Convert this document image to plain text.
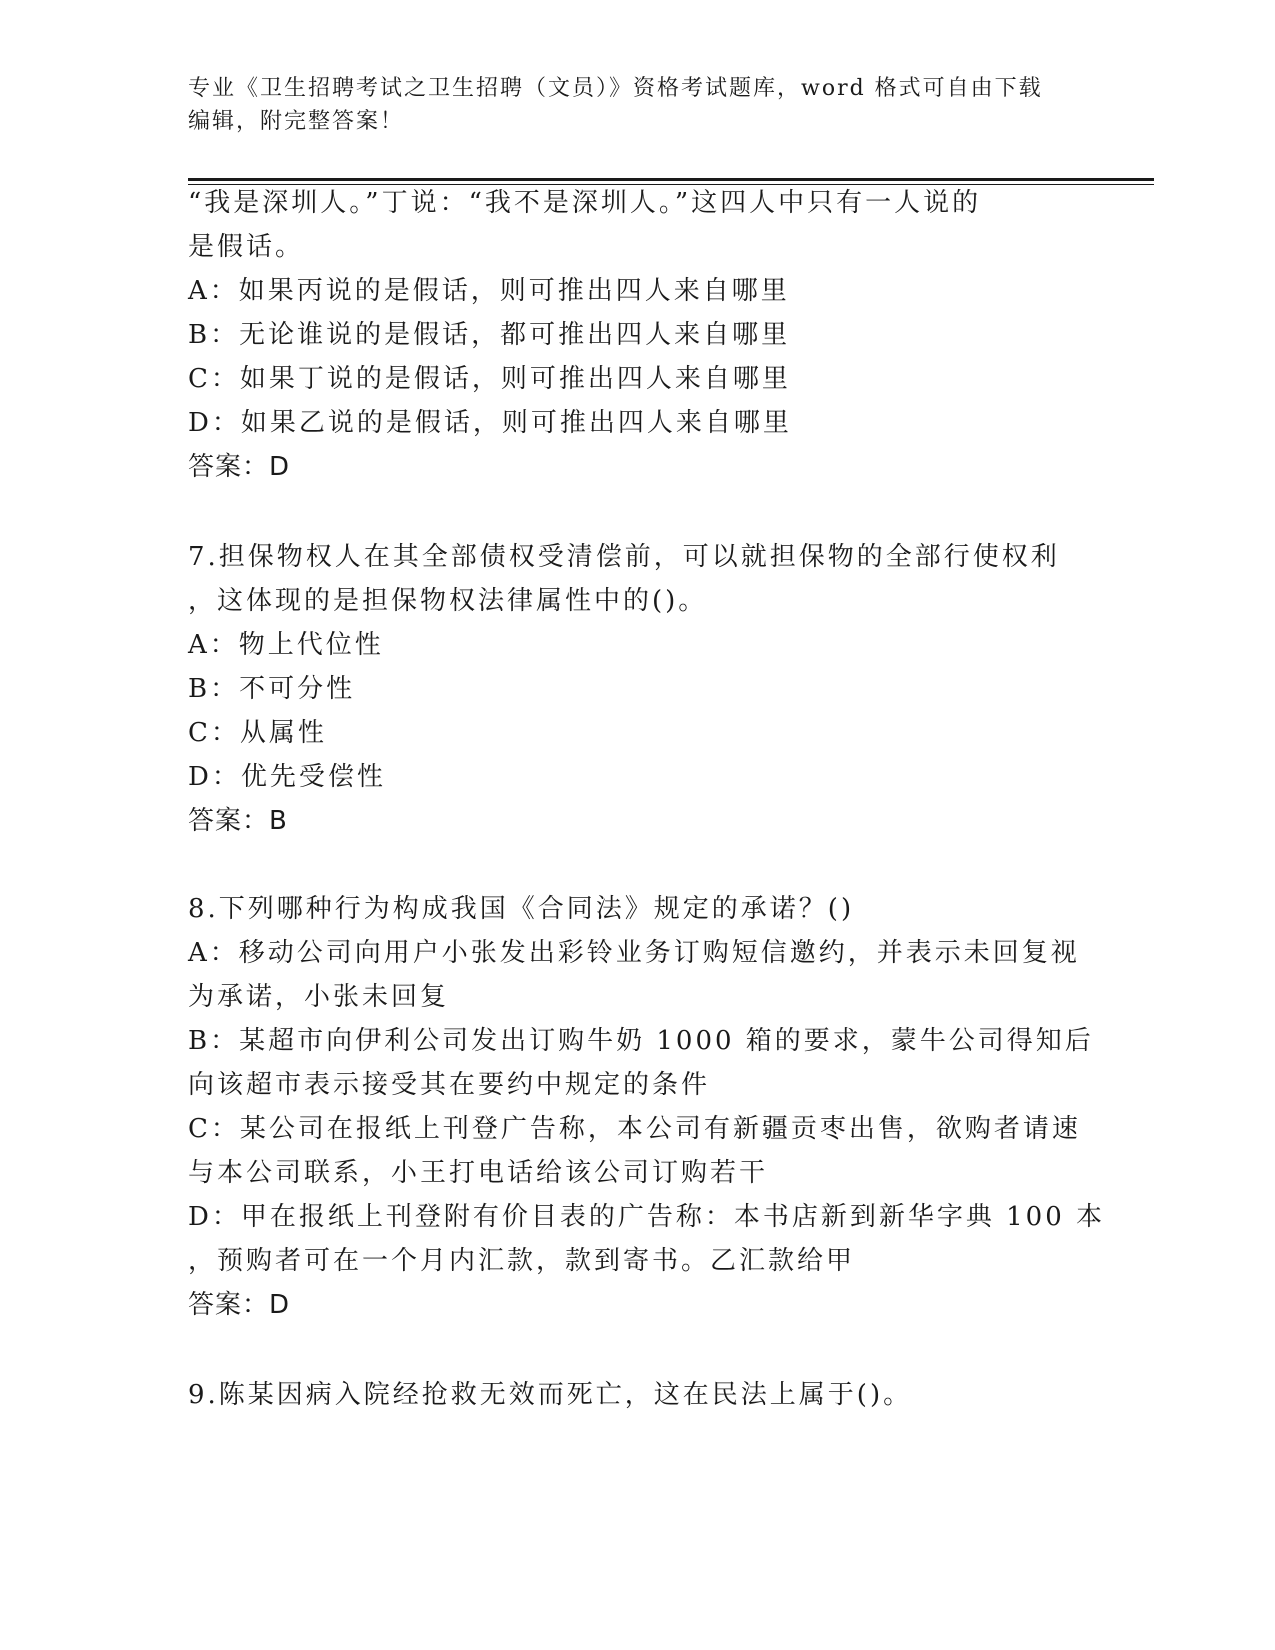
专业《卫生招聘考试之卫生招聘（文员）》资格考试题库，word 格式可自由下载
编辑，附完整答案！
“我是深圳人。”丁说：“我不是深圳人。”这四人中只有一人说的
是假话。
A：如果丙说的是假话，则可推出四人来自哪里
B：无论谁说的是假话，都可推出四人来自哪里
C：如果丁说的是假话，则可推出四人来自哪里
D：如果乙说的是假话，则可推出四人来自哪里
答案：D
7.担保物权人在其全部债权受清偿前，可以就担保物的全部行使权利
，这体现的是担保物权法律属性中的()。
A：物上代位性
B：不可分性
C：从属性
D：优先受偿性
答案：B
8.下列哪种行为构成我国《合同法》规定的承诺？()
A：移动公司向用户小张发出彩铃业务订购短信邀约，并表示未回复视
为承诺，小张未回复
B：某超市向伊利公司发出订购牛奶 1000 箱的要求，蒙牛公司得知后
向该超市表示接受其在要约中规定的条件
C：某公司在报纸上刊登广告称，本公司有新疆贡枣出售，欲购者请速
与本公司联系，小王打电话给该公司订购若干
D：甲在报纸上刊登附有价目表的广告称：本书店新到新华字典 100 本
，预购者可在一个月内汇款，款到寄书。乙汇款给甲
答案：D
9.陈某因病入院经抢救无效而死亡，这在民法上属于()。
